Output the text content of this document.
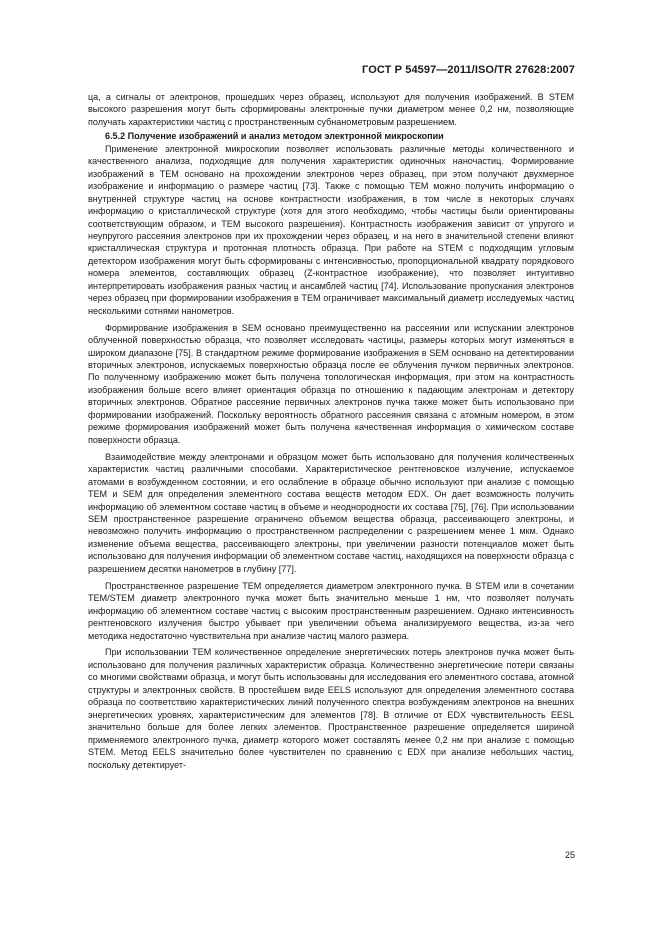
ГОСТ Р 54597—2011/ISO/TR 27628:2007

ца, а сигналы от электронов, прошедших через образец, используют для получения изображений. В STEM высокого разрешения могут быть сформированы электронные пучки диаметром менее 0,2 нм, позволяющие получать характеристики частиц с пространственным субнанометровым разрешением.

6.5.2 Получение изображений и анализ методом электронной микроскопии

Применение электронной микроскопии позволяет использовать различные методы количественного и качественного анализа, подходящие для получения характеристик одиночных наночастиц. Формирование изображений в ТЕМ основано на прохождении электронов через образец, при этом получают двухмерное изображение и информацию о размере частиц [73]. Также с помощью ТЕМ можно получить информацию о внутренней структуре частиц на основе контрастности изображения, в том числе в некоторых случаях информацию о кристаллической структуре (хотя для этого необходимо, чтобы частицы были ориентированы соответствующим образом, и ТЕМ высокого разрешения). Контрастность изображения зависит от упругого и неупругого рассеяния электронов при их прохождении через образец, и на него в значительной степени влияют кристаллическая структура и протонная плотность образца. При работе на STEM с подходящим угловым детектором изображения могут быть сформированы с интенсивностью, пропорциональной квадрату порядкового номера элементов, составляющих образец (Z-контрастное изображение), что позволяет интуитивно интерпретировать изображения разных частиц и ансамблей частиц [74]. Использование пропускания электронов через образец при формировании изображения в ТЕМ ограничивает максимальный диаметр исследуемых частиц несколькими сотнями нанометров.

Формирование изображения в SEM основано преимущественно на рассеянии или испускании электронов облученной поверхностью образца, что позволяет исследовать частицы, размеры которых могут изменяться в широком диапазоне [75]. В стандартном режиме формирование изображения в SEM основано на детектировании вторичных электронов, испускаемых поверхностью образца после ее облучения пучком первичных электронов. По полученному изображению может быть получена топологическая информация, при этом на контрастность изображения больше всего влияет ориентация образца по отношению к падающим электронам и детектору вторичных электронов. Обратное рассеяние первичных электронов пучка также может быть использовано при формировании изображений. Поскольку вероятность обратного рассеяния связана с атомным номером, в этом режиме формирования изображений может быть получена качественная информация о химическом составе поверхности образца.

Взаимодействие между электронами и образцом может быть использовано для получения количественных характеристик частиц различными способами. Характеристическое рентгеновское излучение, испускаемое атомами в возбужденном состоянии, и его ослабление в образце обычно используют при анализе с помощью ТЕМ и SEM для определения элементного состава веществ методом EDX. Он дает возможность получить информацию об элементном составе частиц в объеме и неоднородности их состава [75], [76]. При использовании SEM пространственное разрешение ограничено объемом вещества образца, рассеивающего электроны, и невозможно получить информацию о пространственном распределении с разрешением менее 1 мкм. Однако изменение объема вещества, рассеивающего электроны, при увеличении разности потенциалов может быть использовано для получения информации об элементном составе частиц, находящихся на поверхности образца с разрешением десятки нанометров в глубину [77].

Пространственное разрешение ТЕМ определяется диаметром электронного пучка. В STEM или в сочетании ТЕМ/STEM диаметр электронного пучка может быть значительно меньше 1 нм, что позволяет получать информацию об элементном составе частиц с высоким пространственным разрешением. Однако интенсивность рентгеновского излучения быстро убывает при увеличении объема анализируемого вещества, из-за чего методика недостаточно чувствительна при анализе частиц малого размера.

При использовании ТЕМ количественное определение энергетических потерь электронов пучка может быть использовано для получения различных характеристик образца. Количественно энергетические потери связаны со многими свойствами образца, и могут быть использованы для исследования его элементного состава, атомной структуры и электронных свойств. В простейшем виде EELS используют для определения элементного состава образца по соответствию характеристических линий полученного спектра возбуждениям электронов на внешних энергетических уровнях, характеристическим для элементов [78]. В отличие от EDX чувствительность EESL значительно больше для более легких элементов. Пространственное разрешение определяется шириной применяемого электронного пучка, диаметр которого может составлять менее 0,2 нм при анализе с помощью STEM. Метод EELS значительно более чувствителен по сравнению с EDX при анализе небольших частиц, поскольку детектирует-

25
